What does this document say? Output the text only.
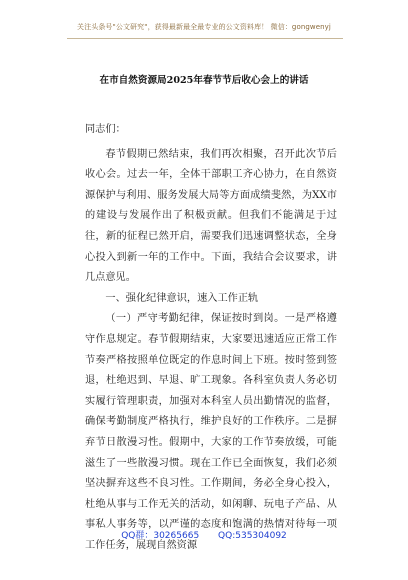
关注头条号"公文研究"，获得最新最全最专业的公文资料库！ 微信：gongwenyj
在市自然资源局2025年春节节后收心会上的讲话

同志们：

春节假期已然结束，我们再次相聚，召开此次节后收心会。过去一年，全体干部职工齐心协力，在自然资源保护与利用、服务发展大局等方面成绩斐然，为XX市的建设与发展作出了积极贡献。但我们不能满足于过往，新的征程已然开启，需要我们迅速调整状态，全身心投入到新一年的工作中。下面，我结合会议要求，讲几点意见。

一、强化纪律意识，速入工作正轨

（一）严守考勤纪律，保证按时到岗。一是严格遵守作息规定。春节假期结束，大家要迅速适应正常工作节奏严格按照单位既定的作息时间上下班。按时签到签退，杜绝迟到、早退、旷工现象。各科室负责人务必切实履行管理职责，加强对本科室人员出勤情况的监督，确保考勤制度严格执行，维护良好的工作秩序。二是摒弃节日散漫习性。假期中，大家的工作节奏放缓，可能滋生了一些散漫习惯。现在工作已全面恢复，我们必须坚决摒弃这些不良习性。工作期间，务必全身心投入，杜绝从事与工作无关的活动，如闲聊、玩电子产品、从事私人事务等，以严谨的态度和饱满的热情对待每一项工作任务，展现自然资源

QQ群：30265665 QQ:535304092
